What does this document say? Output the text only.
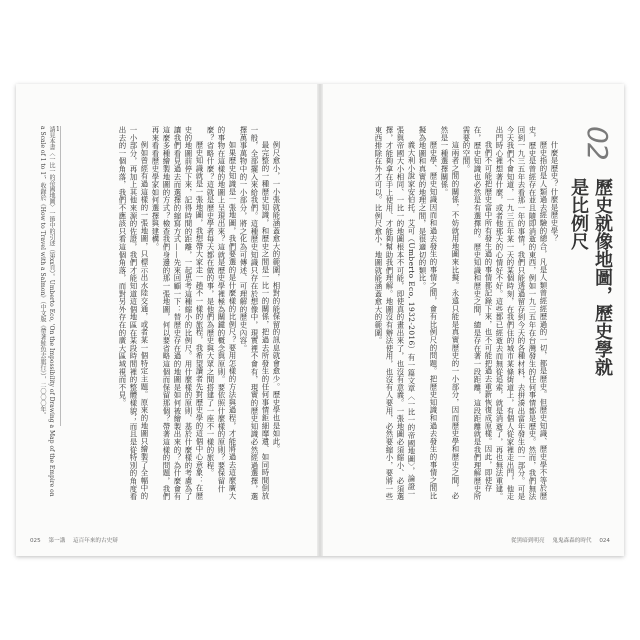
例尺愈小，一小張就能涵蓋愈大的範圍，相對的能保留的訊息就會愈少。歷史學也是如此。

最完整的一種歷史知識，和歷史之間是一比一的關係，把過去所發生的任何事情鉅細靡遺、如同時間倒放一般，全部擺入來給我們。這種歷史知識只存在於想像中，現實裡不會有，現實的歷史知識必然經過選擇，選擇萬事萬物中的一小部分，將之化為可傳述、可理解的歷史內容。

如果歷史知識是一張地圖，我們要選的是什麼樣的比例尺？要用怎樣的方法與過程，才能將過去這麼廣大的事物在這樣的地圖上呈現出來？這就是歷史學裡極為關鍵的概念與原則。要依照什麼樣的原則？要保留什麼？省略什麼？這就是歷史學者每天都在做的事，是他們為歷史與大眾之間搭建了一座不一樣的旅程。

歷史知識就是一張地圖，我想帶大家走一趟不一樣的旅程，我希望讀者先對歷史學的這個中心意象：在歷史的地圖前停下來，記得時間的距離，一起思考這種縮小的比例尺。用什麼樣的原則、基於什麼樣的考慮為了讓我們看見過去而選擇的縮寫方式——先來回顧一下：替歷史存在過的地圖是如何被繪製出來的？為什麼會有這麼多種繪製地圖的方式？檢查我們身邊的那一張地圖，何以要省略這個而保留那個？帶著這樣的問題，我們再來看看歷史學家如何選擇與建構。

例如曾經有過這樣的一張地圖，只標示出水陸交通，或者某一個特定主題。原來的地圖只繪製了全幅中的一小部分，再加上其他來源的佐證，我們才能知道這個地區在某段時間裡的整體樣貌；而且是從特別的角度看出去的一個角落，我們不應該只看這個角落，而對另外存在的廣大區域視而不見。

1
請見本書〈一比一的帝國地圖〉一節中的引述（第xx頁）。Umberto Eco, 'On the Impossibility of Drawing a Map of the Empire on a Scale of 1 to 1'，收錄於《How to Travel with a Salmon》（中文版《帶著鮭魚去旅行》），二〇〇〇年。
025 第一講 這百年來的古史辯
02
歷史就像地圖，歷史學就是比例尺

什麼是歷史？什麼是歷史學？

歷史指的是人類過去經驗的總合，凡是人類曾經經歷過的一切，都是歷史。但歷史知識、歷史學不等於歷史，歷史是曾經存在並且隨即消逝的東西，例如一九三五年在台灣發生的任何事情都是歷史。然而，我們無法回到一九三五年去看那一年的事情，我們只能透過留存到今天的各種材料，去拼湊出當年發生的一部分。可是今天我們不會知道，一九三五年某一天的某個時刻，在我們住的城市某條街道上，有個人從家裡走出門，他走出門時心裡想著什麼，或者他那天的心情好不好。這些都已經逝去而無從追索，就是消逝了，再也無法重建。

我們不可能把歷史當中所有發生過的事情都記錄下來，也不可能把過去重新恢復成原樣。因此，即使存在，歷史知識也必然是有選擇的。歷史知識和歷史之間，總是存在著一段距離，這段距離就是我們理解歷史所需要的空間。

這兩者之間的關係，不妨就用地圖來比擬。永遠只能是真實歷史的一小部分，因而歷史學和歷史之間，必然是一種選擇關係。

歷史學、歷史知識因而和過去發生的事情之間，會有比例尺的問題。把歷史知識和過去發生的事情之間比擬為地圖和真實的地理之間，是很適切的類比。

義大利小說家安伯托．艾可（Umberto Eco, 1932-2016）有一篇文章〈一比一的帝國地圖〉，論證一張與帝國大小相同、一比一的地圖根本不可能，即使真的畫出來了，也沒有意義。一張地圖必須縮小、必須選擇，才能夠拿在手上使用、才能夠幫助我們理解。地圖沒有辦法使用，也沒有人要用，必然要縮小，要將一些東西排除在外才可以。比例尺愈小，地圖就能涵蓋愈大的範圍。

從黑暗到明亮 鬼鬼森森的時代 024
